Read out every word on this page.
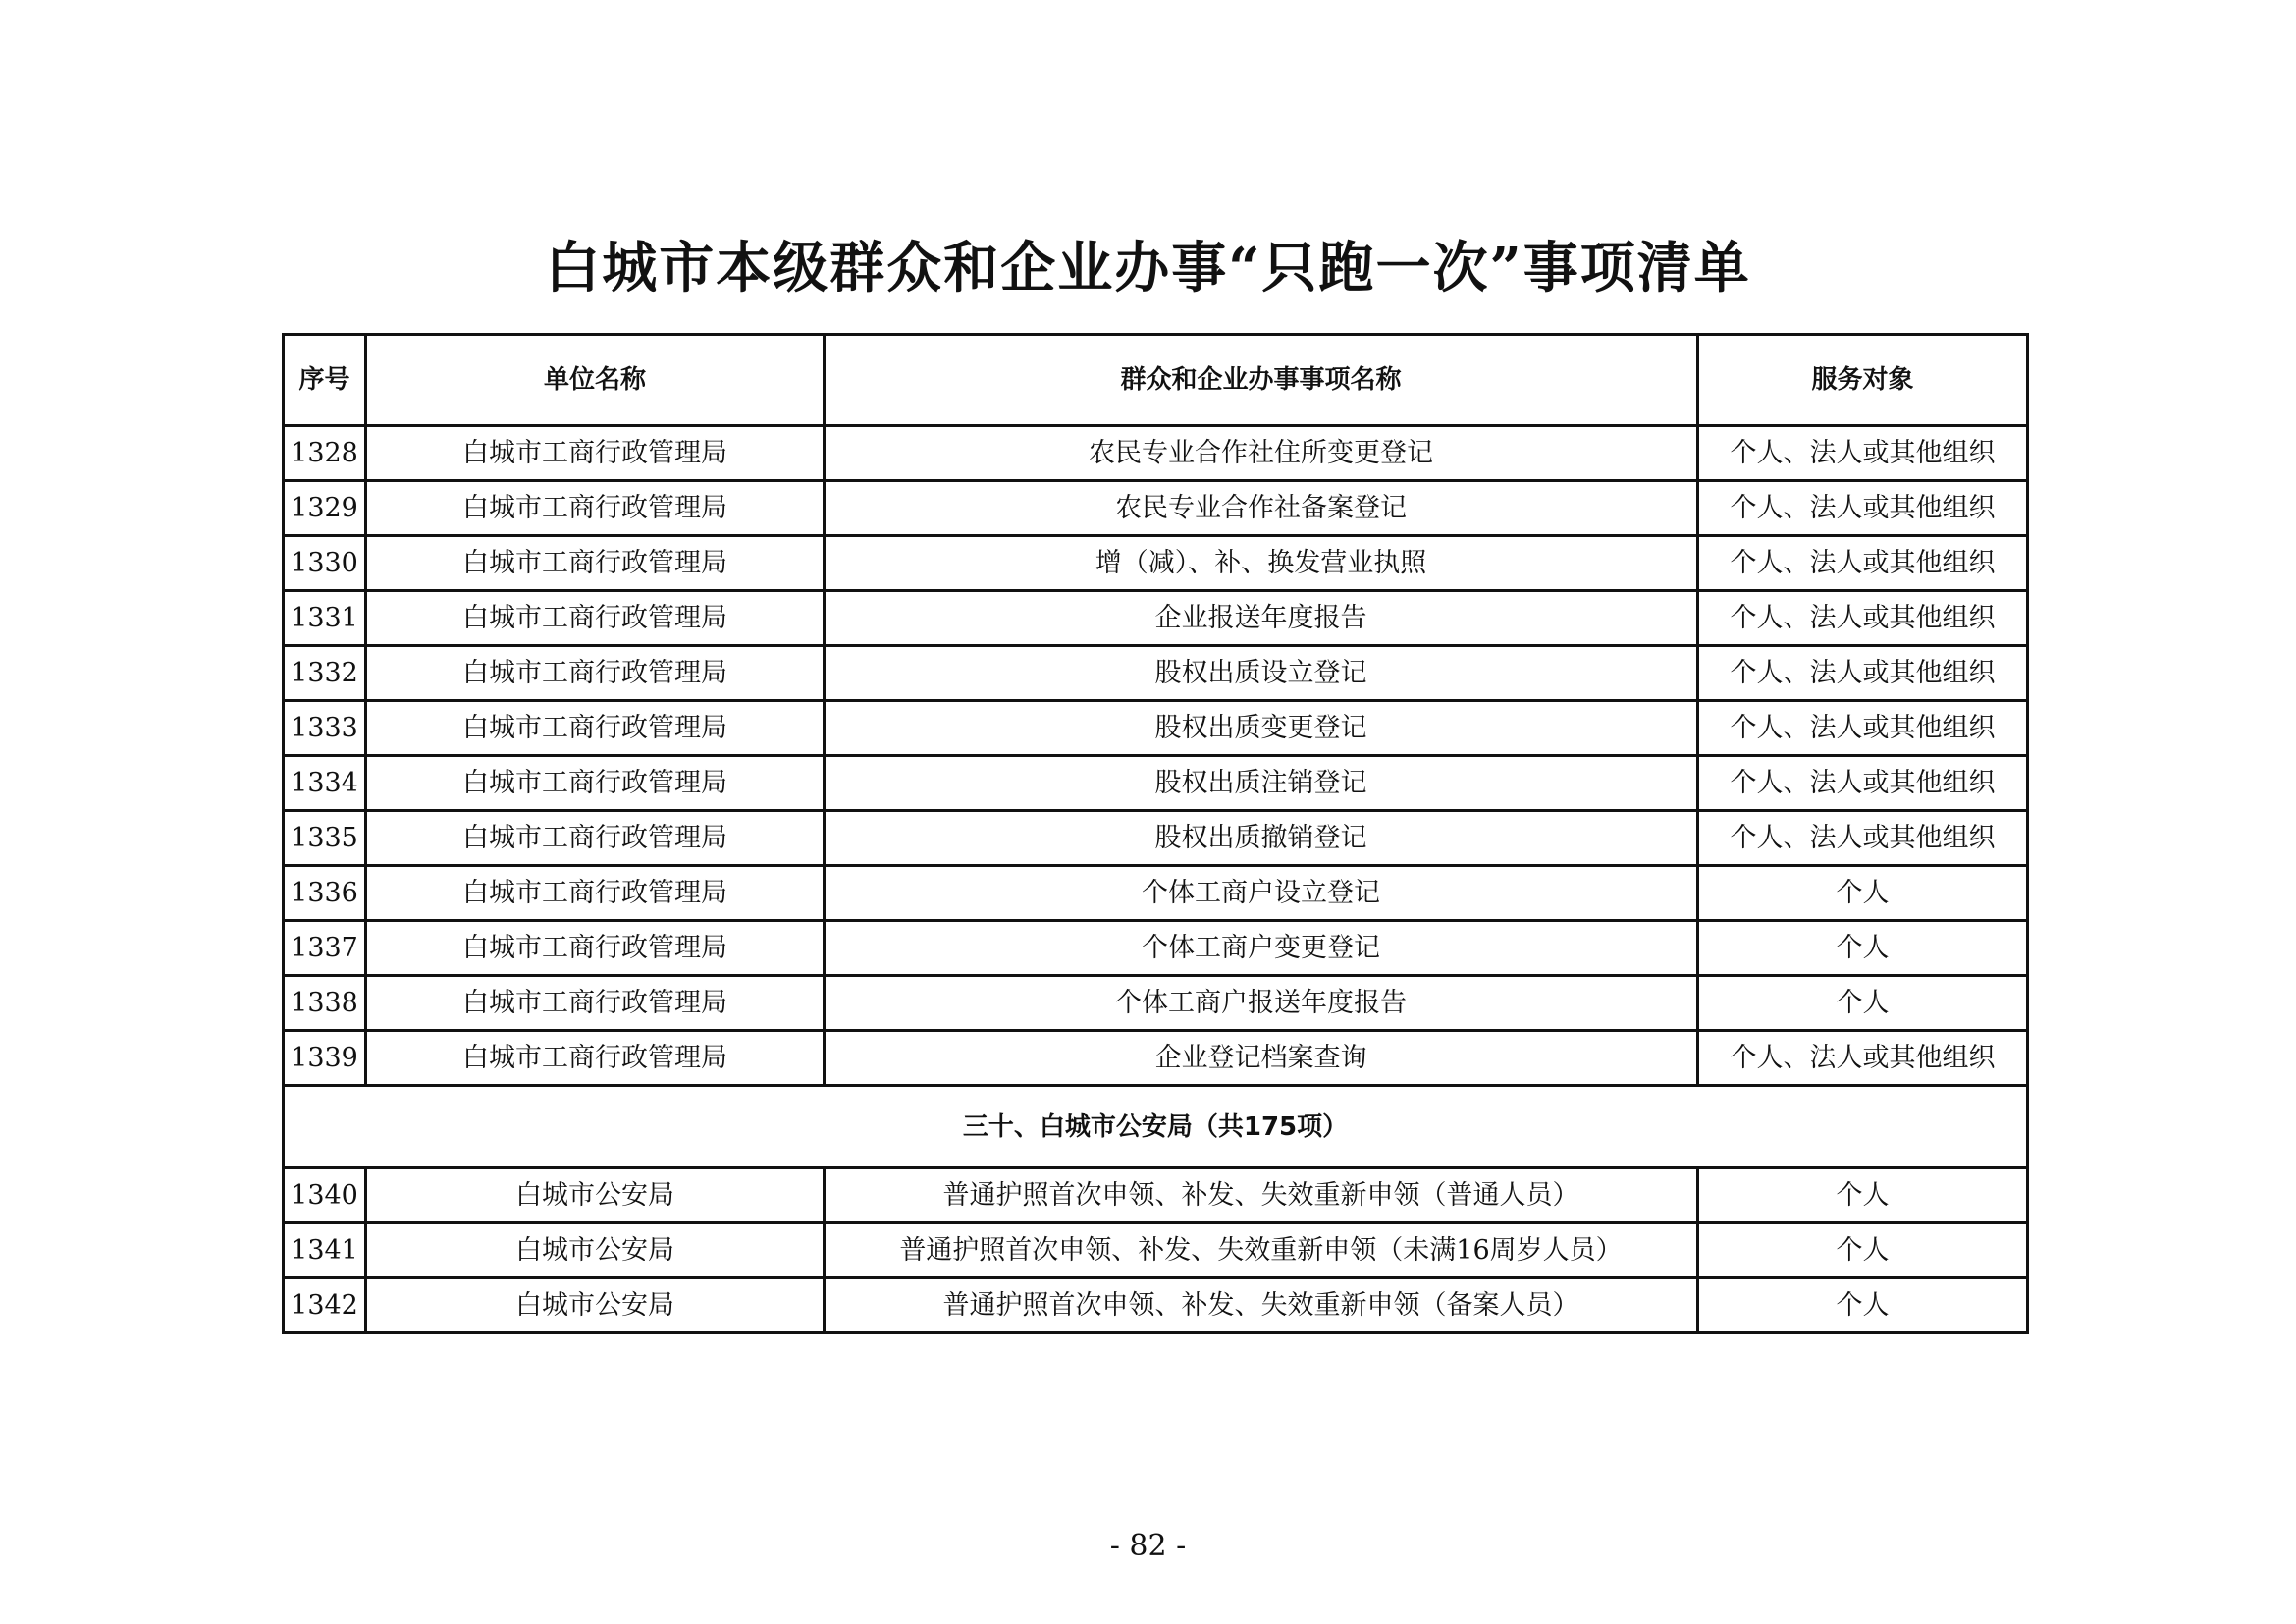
白城市本级群众和企业办事“只跑一次”事项清单
序号	单位名称	群众和企业办事事项名称	服务对象
1328	白城市工商行政管理局	农民专业合作社住所变更登记	个人、法人或其他组织
1329	白城市工商行政管理局	农民专业合作社备案登记	个人、法人或其他组织
1330	白城市工商行政管理局	增（减）、补、换发营业执照	个人、法人或其他组织
1331	白城市工商行政管理局	企业报送年度报告	个人、法人或其他组织
1332	白城市工商行政管理局	股权出质设立登记	个人、法人或其他组织
1333	白城市工商行政管理局	股权出质变更登记	个人、法人或其他组织
1334	白城市工商行政管理局	股权出质注销登记	个人、法人或其他组织
1335	白城市工商行政管理局	股权出质撤销登记	个人、法人或其他组织
1336	白城市工商行政管理局	个体工商户设立登记	个人
1337	白城市工商行政管理局	个体工商户变更登记	个人
1338	白城市工商行政管理局	个体工商户报送年度报告	个人
1339	白城市工商行政管理局	企业登记档案查询	个人、法人或其他组织
三十、白城市公安局（共175项）			
1340	白城市公安局	普通护照首次申领、补发、失效重新申领（普通人员）	个人
1341	白城市公安局	普通护照首次申领、补发、失效重新申领（未满16周岁人员）	个人
1342	白城市公安局	普通护照首次申领、补发、失效重新申领（备案人员）	个人
- 82 -
